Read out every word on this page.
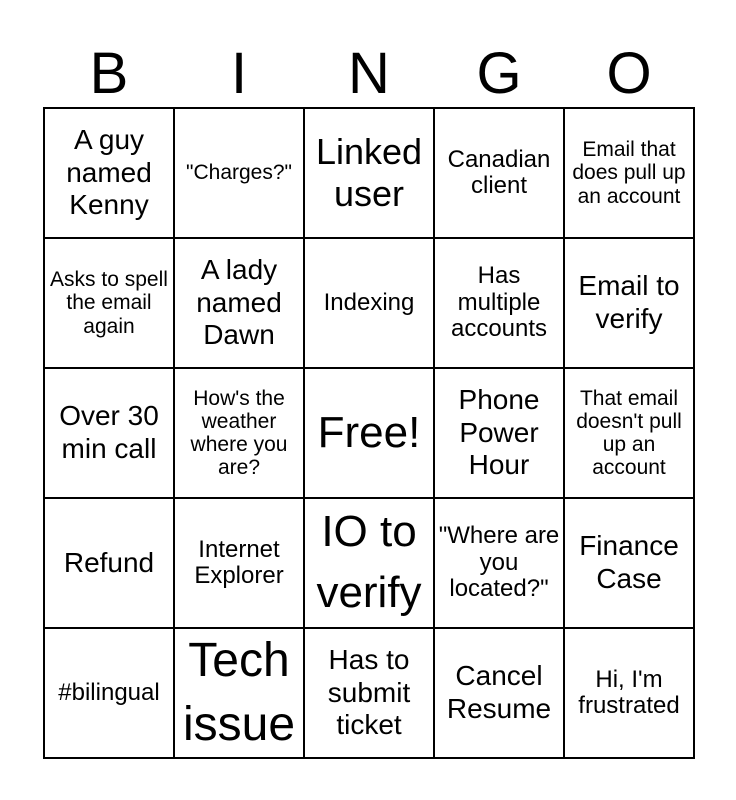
B	I	N	G	O
A guy named Kenny
"Charges?"
Linked user
Canadian client
Email that does pull up an account
Asks to spell the email again
A lady named Dawn
Indexing
Has multiple accounts
Email to verify
Over 30 min call
How's the weather where you are?
Free!
Phone Power Hour
That email doesn't pull up an account
Refund	Internet Explorer
IO to verify
"Where are you located?"
Finance Case
#bilingual
Tech issue
Has to submit ticket
Cancel Resume
Hi, I'm frustrated
